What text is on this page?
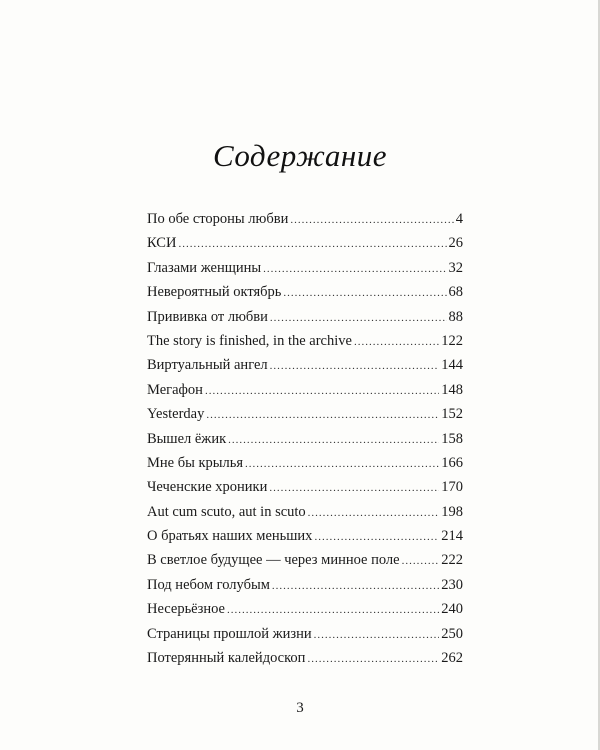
Содержание
По обе стороны любви .....	4
КСИ .....	26
Глазами женщины .....	32
Невероятный октябрь .....	68
Прививка от любви .....	88
The story is finished, in the archive .....	122
Виртуальный ангел .....	144
Мегафон .....	148
Yesterday .....	152
Вышел ёжик .....	158
Мне бы крылья .....	166
Чеченские хроники .....	170
Aut cum scuto, aut in scuto .....	198
О братьях наших меньших .....	214
В светлое будущее — через минное поле .....	222
Под небом голубым .....	230
Несерьёзное .....	240
Страницы прошлой жизни .....	250
Потерянный калейдоскоп .....	262
3
